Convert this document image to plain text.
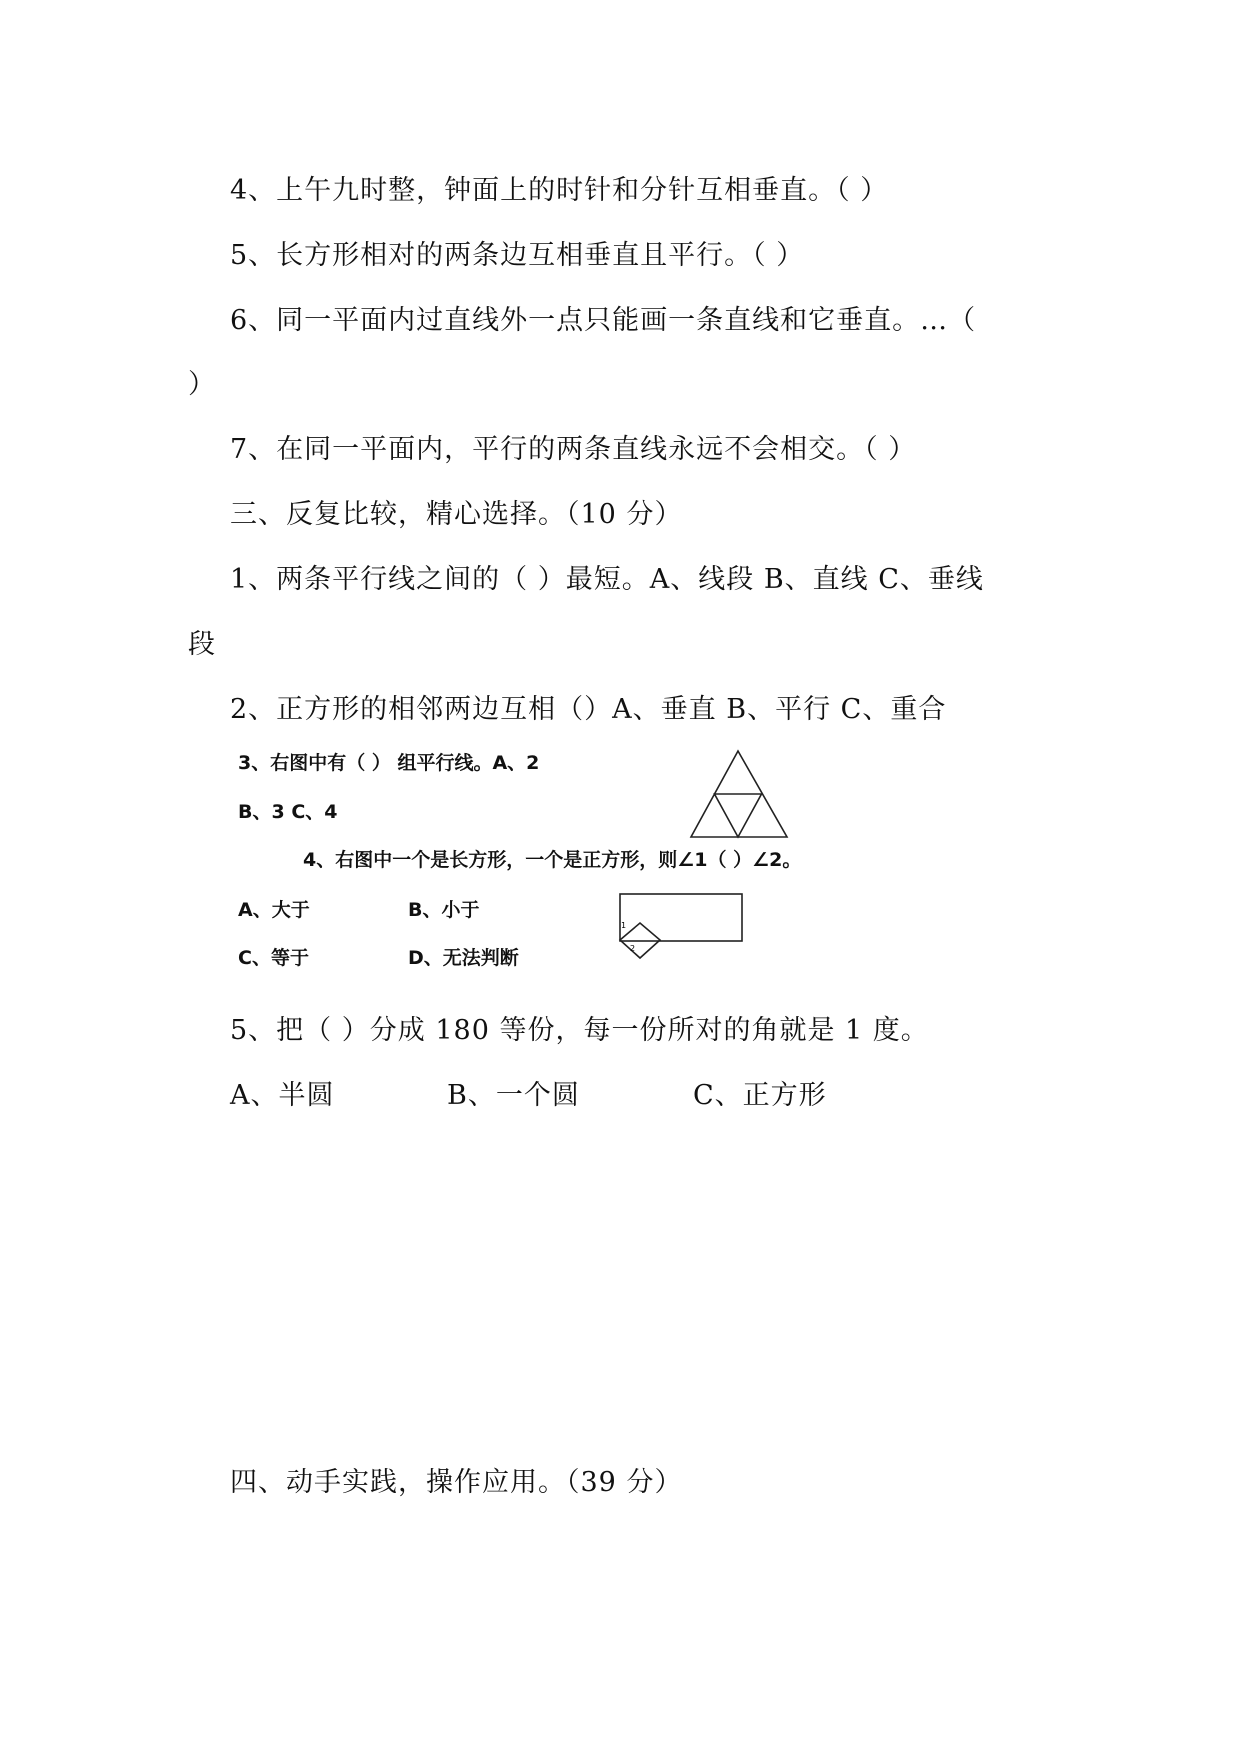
4、上午九时整，钟面上的时针和分针互相垂直。（ ）
5、长方形相对的两条边互相垂直且平行。（ ）
6、同一平面内过直线外一点只能画一条直线和它垂直。…（
）
7、在同一平面内，平行的两条直线永远不会相交。（ ）
三、反复比较，精心选择。（10 分）
1、两条平行线之间的（ ）最短。A、线段 B、直线 C、垂线
段
2、正方形的相邻两边互相（）A、垂直 B、平行 C、重合
3、右图中有（ ） 组平行线。A、2
B、3 C、4
4、右图中一个是长方形，一个是正方形，则∠1（ ）∠2。
A、大于	B、小于
C、等于	D、无法判断
1
2
5、把（ ）分成 180 等份，每一份所对的角就是 1 度。
A、半圆	B、一个圆	C、正方形
四、动手实践，操作应用。（39 分）
